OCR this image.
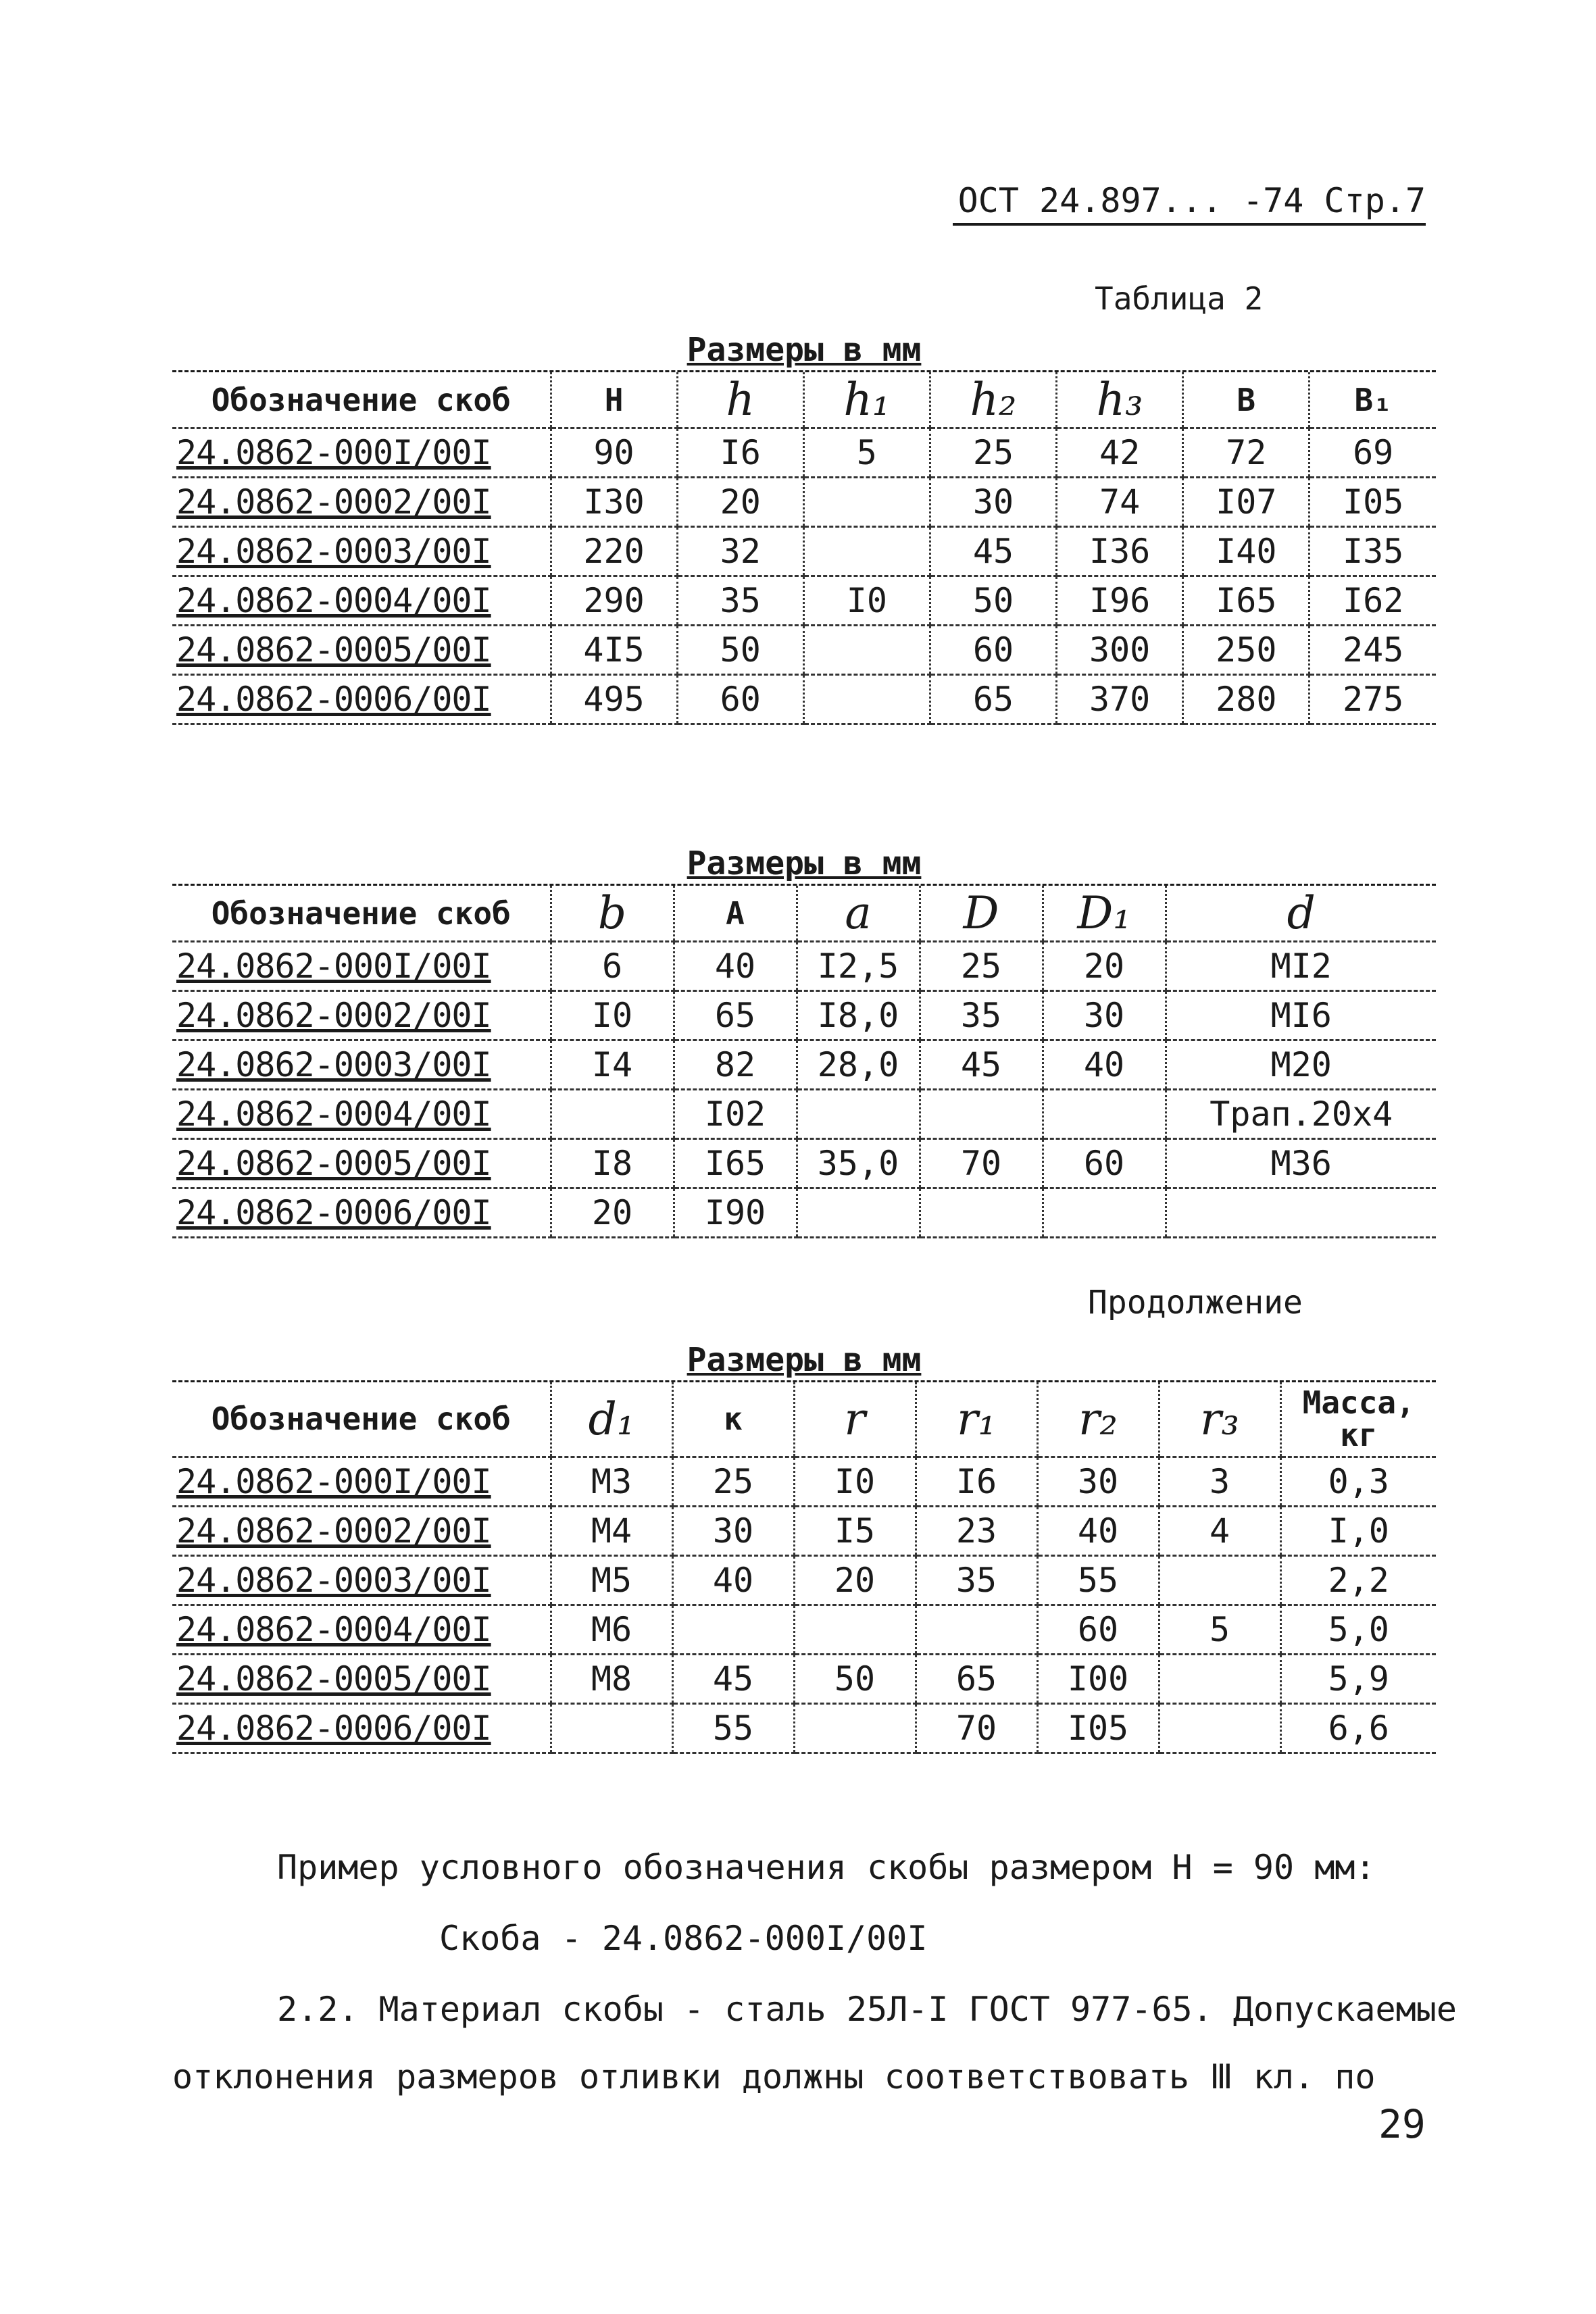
ОСТ 24.897... -74 Стр.7
Таблица 2
Размеры в мм
Обозначение скоб	H	h	h₁	h₂	h₃	B	B₁
24.0862-000I/00I	90	I6	5	25	42	72	69
24.0862-0002/00I	I30	20		30	74	I07	I05
24.0862-0003/00I	220	32		45	I36	I40	I35
24.0862-0004/00I	290	35	I0	50	I96	I65	I62
24.0862-0005/00I	4I5	50		60	300	250	245
24.0862-0006/00I	495	60		65	370	280	275
Размеры в мм
Обозначение скоб	b	A	a	D	D₁	d
24.0862-000I/00I	6	40	I2,5	25	20	MI2
24.0862-0002/00I	I0	65	I8,0	35	30	MI6
24.0862-0003/00I	I4	82	28,0	45	40	M20
24.0862-0004/00I		I02				Трап.20x4
24.0862-0005/00I	I8	I65	35,0	70	60	M36
24.0862-0006/00I	20	I90				
Продолжение
Размеры в мм
Обозначение скоб	d₁	к	r	r₁	r₂	r₃	Масса, кг
24.0862-000I/00I	M3	25	I0	I6	30	3	0,3
24.0862-0002/00I	M4	30	I5	23	40	4	I,0
24.0862-0003/00I	M5	40	20	35	55		2,2
24.0862-0004/00I	M6				60	5	5,0
24.0862-0005/00I	M8	45	50	65	I00		5,9
24.0862-0006/00I		55		70	I05		6,6
Пример условного обозначения скобы размером H = 90 мм:
Скоба - 24.0862-000I/00I
2.2. Материал скобы - сталь 25Л-I ГОСТ 977-65. Допускаемые
отклонения размеров отливки должны соответствовать Ⅲ кл. по
29
